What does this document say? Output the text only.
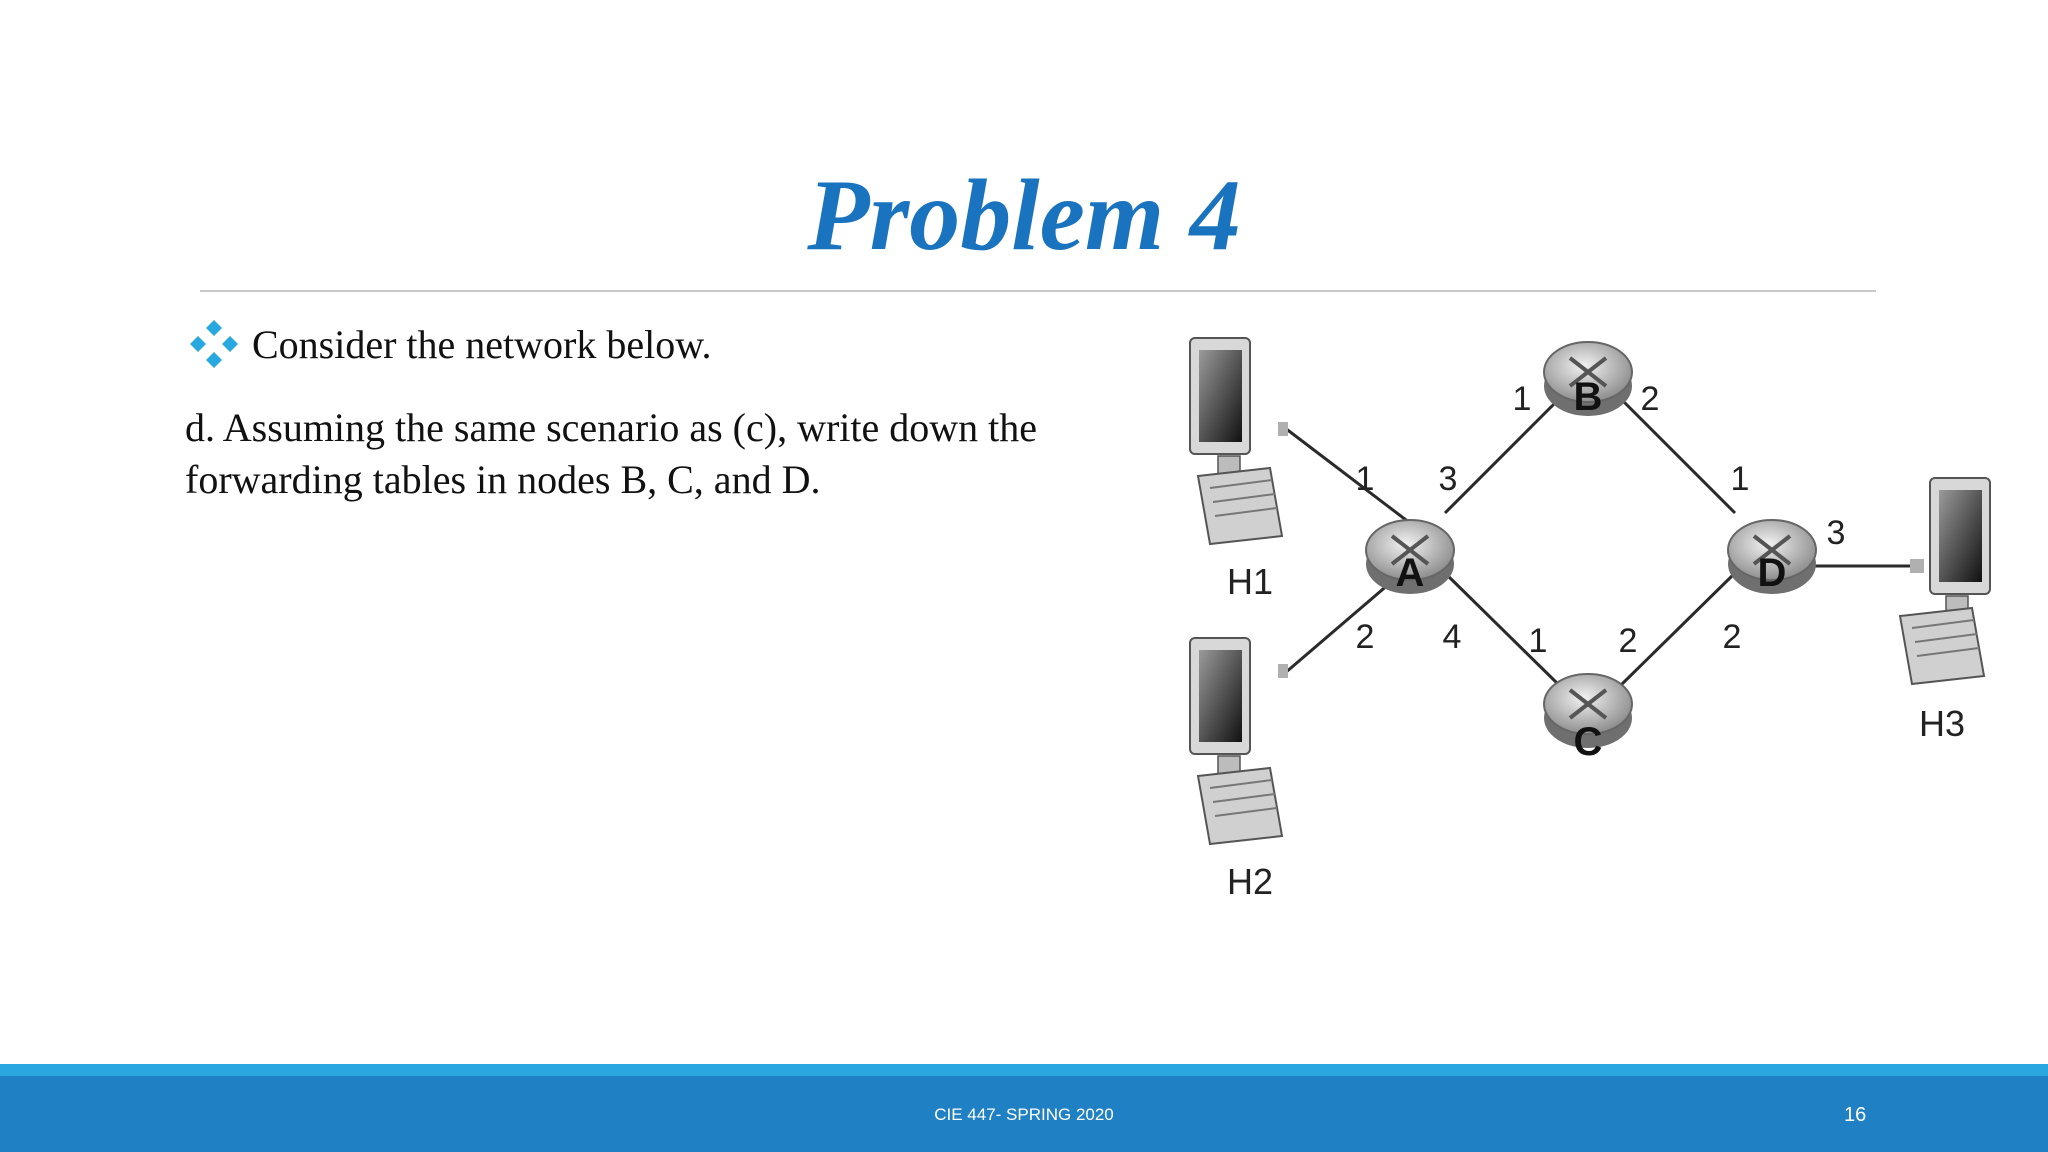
Problem 4
Consider the network below.
d. Assuming the same scenario as (c), write down the forwarding tables in nodes B, C, and D.
H1
H2
H3
A
B
C
D
1 3
2 4
1	2
1 2
1
3
2
CIE 447- SPRING 2020	16
